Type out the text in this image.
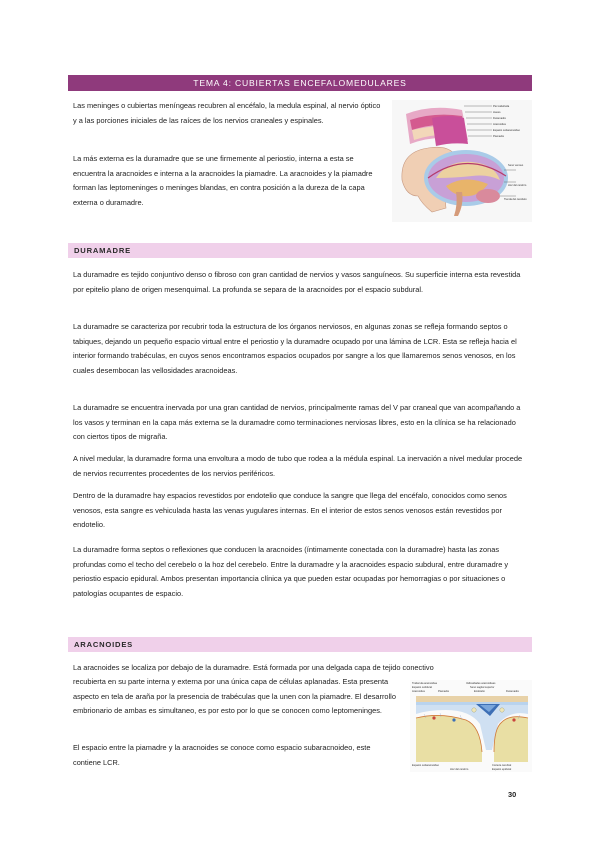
TEMA 4: CUBIERTAS ENCEFALOMEDULARES

Las meninges o cubiertas meníngeas recubren al encéfalo, la medula espinal, al nervio óptico y a las porciones iniciales de las raíces de los nervios craneales y espinales.

La más externa es la duramadre que se une firmemente al periostio, interna a esta se encuentra la aracnoides e interna a la aracnoides la piamadre. La aracnoides y la piamadre forman las leptomeninges o meninges blandas, en contra posición a la dureza de la capa externa o duramadre.

Piel cabelluda
Hueso
Duramadre
Aracnoides
Espacio subaracnoideo
Piamadre
Seno venoso
Hoz del cerebro
Tienda del cerebelo
DURAMADRE

La duramadre es tejido conjuntivo denso o fibroso con gran cantidad de nervios y vasos sanguíneos. Su superficie interna esta revestida por epitelio plano de origen mesenquimal. La profunda se separa de la aracnoides por el espacio subdural.

La duramadre se caracteriza por recubrir toda la estructura de los órganos nerviosos, en algunas zonas se refleja formando septos o tabiques, dejando un pequeño espacio virtual entre el periostio y la duramadre ocupado por una lámina de LCR. Esta se refleja hacia el interior formando trabéculas, en cuyos senos encontramos espacios ocupados por sangre a los que llamaremos senos venosos, en los cuales desembocan las vellosidades aracnoideas.

La duramadre se encuentra inervada por una gran cantidad de nervios, principalmente ramas del V par craneal que van acompañando a los vasos y terminan en la capa más externa se la duramadre como terminaciones nerviosas libres, esto en la clínica se ha relacionado con ciertos tipos de migraña.

A nivel medular, la duramadre forma una envoltura a modo de tubo que rodea a la médula espinal. La inervación a nivel medular procede de nervios recurrentes procedentes de los nervios periféricos.

Dentro de la duramadre hay espacios revestidos por endotelio que conduce la sangre que llega del encéfalo, conocidos como senos venosos, esta sangre es vehiculada hasta las venas yugulares internas. En el interior de estos senos venosos están revestidos por endotelio.

La duramadre forma septos o reflexiones que conducen la aracnoides (íntimamente conectada con la duramadre) hasta las zonas profundas como el techo del cerebelo o la hoz del cerebelo. Entre la duramadre y la aracnoides espacio subdural, entre duramadre y periostio espacio epidural. Ambos presentan importancia clínica ya que pueden estar ocupadas por hemorragias o por situaciones o patologías ocupantes de espacio.

ARACNOIDES

La aracnoides se localiza por debajo de la duramadre. Está formada por una delgada capa de tejido conectivo

recubierta en su parte interna y externa por una única capa de células aplanadas. Esta presenta aspecto en tela de araña por la presencia de trabéculas que la unen con la piamadre. El desarrollo embrionario de ambas es simultaneo, es por esto por lo que se conocen como leptomeninges.

El espacio entre la piamadre y la aracnoides se conoce como espacio subaracnoideo, este contiene LCR.

Trabécula aracnoidea
Espacio subdural
Aracnoides	Piamadre
Vellosidades aracnoideas
Seno sagital superior
Endotelio	Duramadre
Espacio subaracnoideo
Hoz del cerebro
Corteza cerebral
Espacio epidural
30
